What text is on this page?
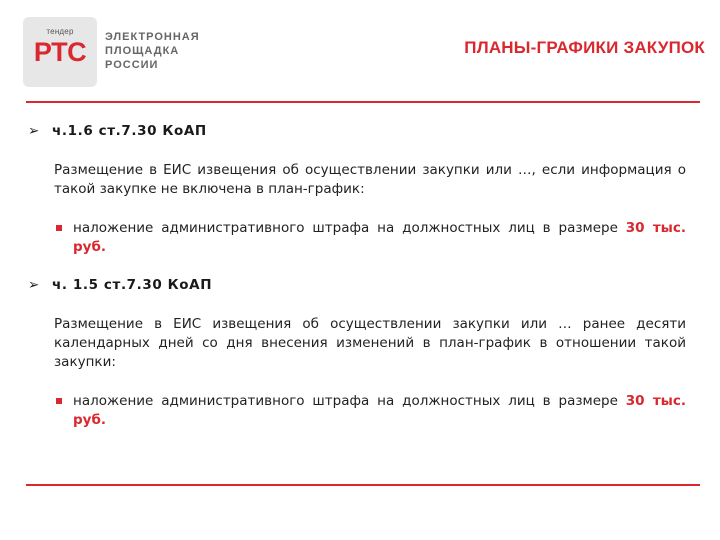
тендер
РТС	ЭЛЕКТРОННАЯ
ПЛОЩАДКА
РОССИИ
ПЛАНЫ-ГРАФИКИ ЗАКУПОК
➢ ч.1.6 ст.7.30 КоАП
Размещение в ЕИС извещения об осуществлении закупки или …, если информация о такой закупке не включена в план-график:
наложение административного штрафа на должностных лиц в размере 30 тыс. руб.
➢ ч. 1.5 ст.7.30 КоАП
Размещение в ЕИС извещения об осуществлении закупки или … ранее десяти календарных дней со дня внесения изменений в план-график в отношении такой закупки:
наложение административного штрафа на должностных лиц в размере 30 тыс. руб.
